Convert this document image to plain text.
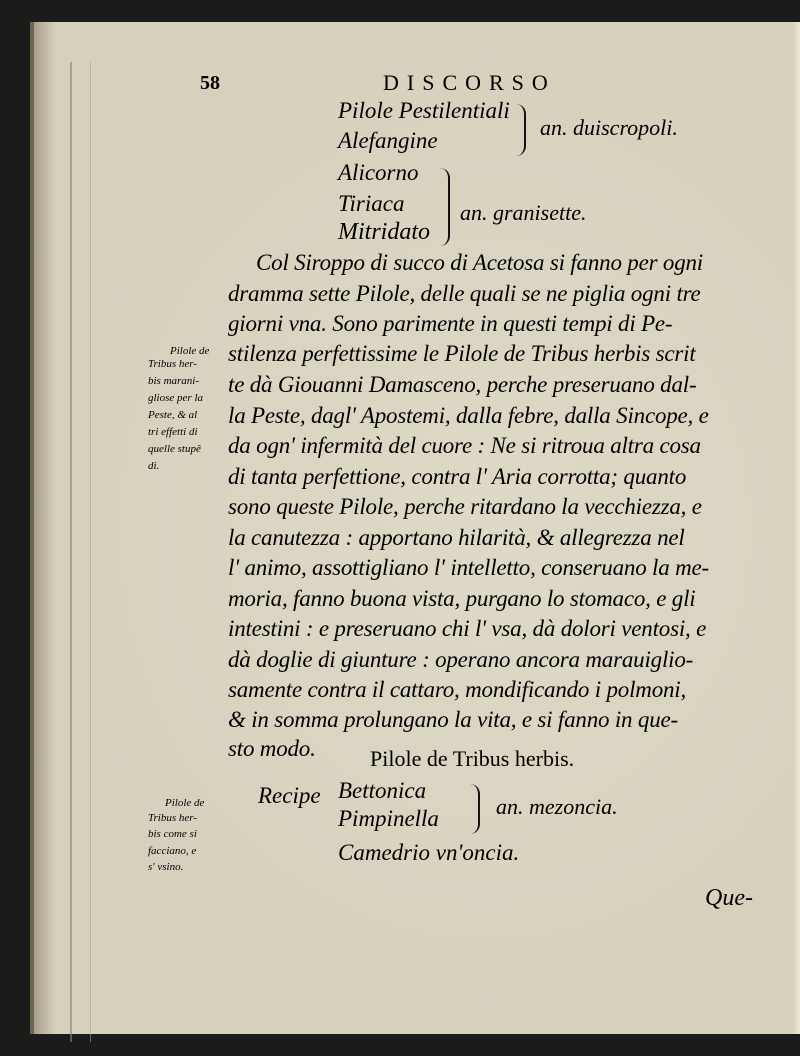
58	DISCORSO
Pilole Pestilentiali
Alefangine
an. duiscropoli.
Alicorno
Tiriaca
Mitridato
an. granisette.
Col Siroppo di succo di Acetosa si fanno per ogni
dramma sette Pilole, delle quali se ne piglia ogni tre
giorni vna. Sono parimente in questi tempi di Pe-
stilenza perfettissime le Pilole de Tribus herbis scrit
te dà Giouanni Damasceno, perche preseruano dal-
la Peste, dagl' Apostemi, dalla febre, dalla Sincope, e
da ogn' infermità del cuore : Ne si ritroua altra cosa
di tanta perfettione, contra l' Aria corrotta; quanto
sono queste Pilole, perche ritardano la vecchiezza, e
la canutezza : apportano hilarità, & allegrezza nel
l' animo, assottigliano l' intelletto, conseruano la me-
moria, fanno buona vista, purgano lo stomaco, e gli
intestini : e preseruano chi l' vsa, dà dolori ventosi, e
dà doglie di giunture : operano ancora marauiglio-
samente contra il cattaro, mondificando i polmoni,
& in somma prolungano la vita, e si fanno in que-
sto modo.
Pilole de
Tribus her-
bis marani-
gliose per la
Peste, & al
tri effetti di
quelle stupê
di.
Pilole de Tribus herbis.
Recipe Bettonica
Pimpinella	an. mezoncia.
Camedrio vn'oncia.
Pilole de
Tribus her-
bis come si
facciano, e
s' vsino.
Que-
